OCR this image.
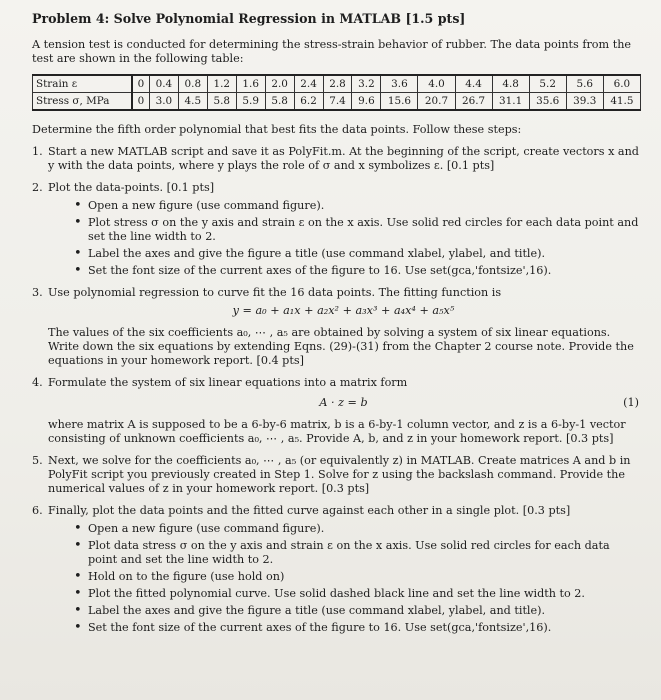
Problem 4: Solve Polynomial Regression in MATLAB [1.5 pts]
A tension test is conducted for determining the stress-strain behavior of rubber. The data points from the test are shown in the following table:
Strain ε	0	0.4	0.8	1.2	1.6	2.0	2.4	2.8	3.2	3.6	4.0	4.4	4.8	5.2	5.6	6.0
Stress σ, MPa	0	3.0	4.5	5.8	5.9	5.8	6.2	7.4	9.6	15.6	20.7	26.7	31.1	35.6	39.3	41.5
Determine the fifth order polynomial that best fits the data points. Follow these steps:
1. Start a new MATLAB script and save it as PolyFit.m. At the beginning of the script, create vectors x and y with the data points, where y plays the role of σ and x symbolizes ε. [0.1 pts]
2. Plot the data-points. [0.1 pts]
• Open a new figure (use command figure).
• Plot stress σ on the y axis and strain ε on the x axis. Use solid red circles for each data point and set the line width to 2.
• Label the axes and give the figure a title (use command xlabel, ylabel, and title).
• Set the font size of the current axes of the figure to 16. Use set(gca,'fontsize',16).
3. Use polynomial regression to curve fit the 16 data points. The fitting function is
y = a₀ + a₁x + a₂x² + a₃x³ + a₄x⁴ + a₅x⁵
The values of the six coefficients a₀, ⋯ , a₅ are obtained by solving a system of six linear equations. Write down the six equations by extending Eqns. (29)-(31) from the Chapter 2 course note. Provide the equations in your homework report. [0.4 pts]
4. Formulate the system of six linear equations into a matrix form
A · z = b	(1)
where matrix A is supposed to be a 6-by-6 matrix, b is a 6-by-1 column vector, and z is a 6-by-1 vector consisting of unknown coefficients a₀, ⋯ , a₅. Provide A, b, and z in your homework report. [0.3 pts]
5. Next, we solve for the coefficients a₀, ⋯ , a₅ (or equivalently z) in MATLAB. Create matrices A and b in PolyFit script you previously created in Step 1. Solve for z using the backslash command. Provide the numerical values of z in your homework report. [0.3 pts]
6. Finally, plot the data points and the fitted curve against each other in a single plot. [0.3 pts]
• Open a new figure (use command figure).
• Plot data stress σ on the y axis and strain ε on the x axis. Use solid red circles for each data point and set the line width to 2.
• Hold on to the figure (use hold on)
• Plot the fitted polynomial curve. Use solid dashed black line and set the line width to 2.
• Label the axes and give the figure a title (use command xlabel, ylabel, and title).
• Set the font size of the current axes of the figure to 16. Use set(gca,'fontsize',16).
